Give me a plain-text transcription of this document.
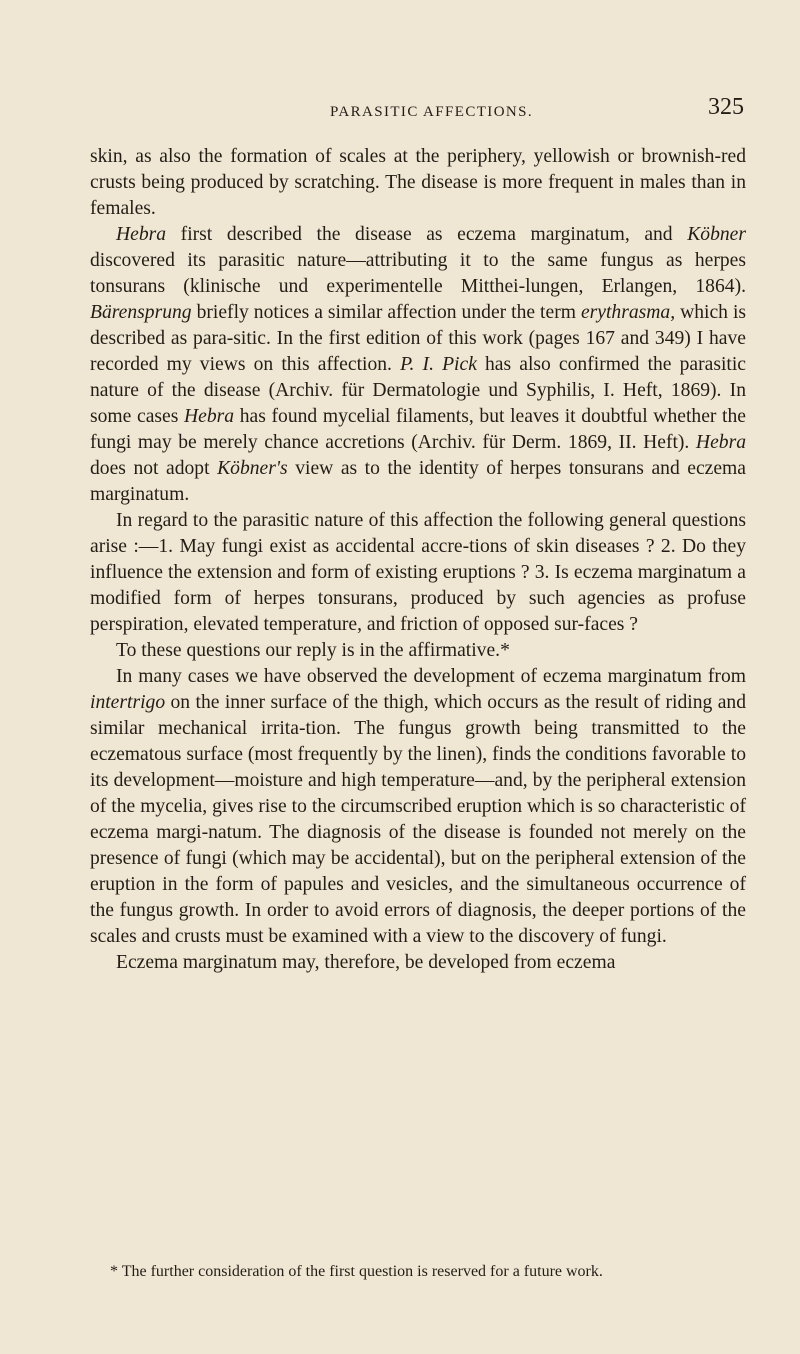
PARASITIC AFFECTIONS.	325

skin, as also the formation of scales at the periphery, yellowish or brownish-red crusts being produced by scratching. The disease is more frequent in males than in females.

Hebra first described the disease as eczema marginatum, and Köbner discovered its parasitic nature—attributing it to the same fungus as herpes tonsurans (klinische und experimentelle Mitthei-lungen, Erlangen, 1864). Bärensprung briefly notices a similar affection under the term erythrasma, which is described as para-sitic. In the first edition of this work (pages 167 and 349) I have recorded my views on this affection. P. I. Pick has also confirmed the parasitic nature of the disease (Archiv. für Dermatologie und Syphilis, I. Heft, 1869). In some cases Hebra has found mycelial filaments, but leaves it doubtful whether the fungi may be merely chance accretions (Archiv. für Derm. 1869, II. Heft). Hebra does not adopt Köbner's view as to the identity of herpes tonsurans and eczema marginatum.

In regard to the parasitic nature of this affection the following general questions arise :—1. May fungi exist as accidental accre-tions of skin diseases ? 2. Do they influence the extension and form of existing eruptions ? 3. Is eczema marginatum a modified form of herpes tonsurans, produced by such agencies as profuse perspiration, elevated temperature, and friction of opposed sur-faces ?

To these questions our reply is in the affirmative.*

In many cases we have observed the development of eczema marginatum from intertrigo on the inner surface of the thigh, which occurs as the result of riding and similar mechanical irrita-tion. The fungus growth being transmitted to the eczematous surface (most frequently by the linen), finds the conditions favorable to its development—moisture and high temperature—and, by the peripheral extension of the mycelia, gives rise to the circumscribed eruption which is so characteristic of eczema margi-natum. The diagnosis of the disease is founded not merely on the presence of fungi (which may be accidental), but on the peripheral extension of the eruption in the form of papules and vesicles, and the simultaneous occurrence of the fungus growth. In order to avoid errors of diagnosis, the deeper portions of the scales and crusts must be examined with a view to the discovery of fungi.

Eczema marginatum may, therefore, be developed from eczema

* The further consideration of the first question is reserved for a future work.
